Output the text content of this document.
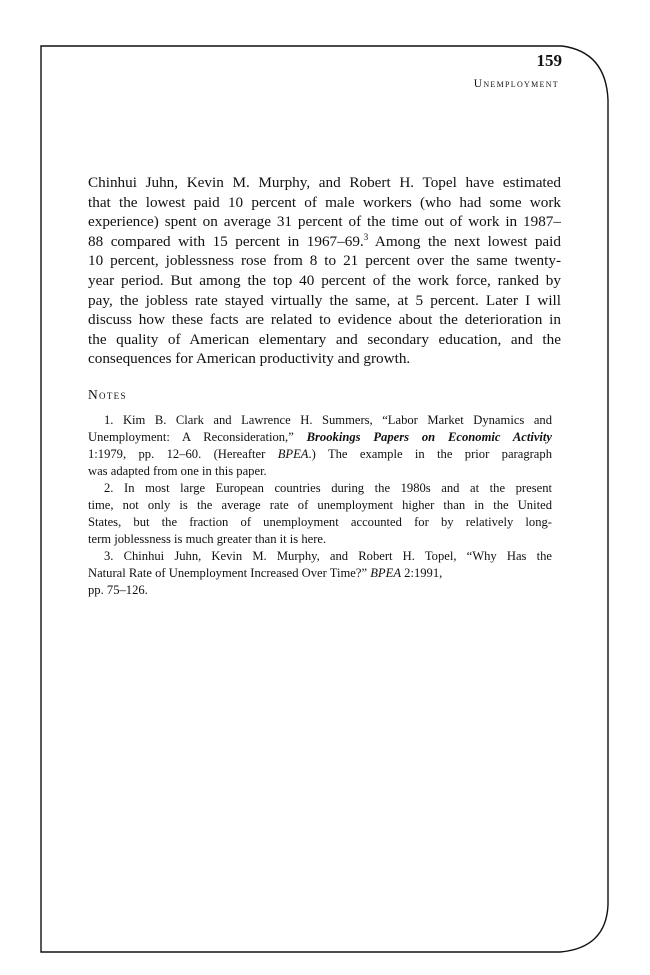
159
Unemployment
Chinhui Juhn, Kevin M. Murphy, and Robert H. Topel have estimated
that the lowest paid 10 percent of male workers (who had some work
experience) spent on average 31 percent of the time out of work in 1987–
88 compared with 15 percent in 1967–69.$^3$ Among the next lowest paid
10 percent, joblessness rose from 8 to 21 percent over the same twenty-
year period. But among the top 40 percent of the work force, ranked by
pay, the jobless rate stayed virtually the same, at 5 percent. Later I will
discuss how these facts are related to evidence about the deterioration in
the quality of American elementary and secondary education, and the
consequences for American productivity and growth.
Notes
1. Kim B. Clark and Lawrence H. Summers, “Labor Market Dynamics and
Unemployment: A Reconsideration,” Brookings Papers on Economic Activity
1:1979, pp. 12–60. (Hereafter BPEA.) The example in the prior paragraph
was adapted from one in this paper.
2. In most large European countries during the 1980s and at the present
time, not only is the average rate of unemployment higher than in the United
States, but the fraction of unemployment accounted for by relatively long-
term joblessness is much greater than it is here.
3. Chinhui Juhn, Kevin M. Murphy, and Robert H. Topel, “Why Has the
Natural Rate of Unemployment Increased Over Time?” BPEA 2:1991,
pp. 75–126.
